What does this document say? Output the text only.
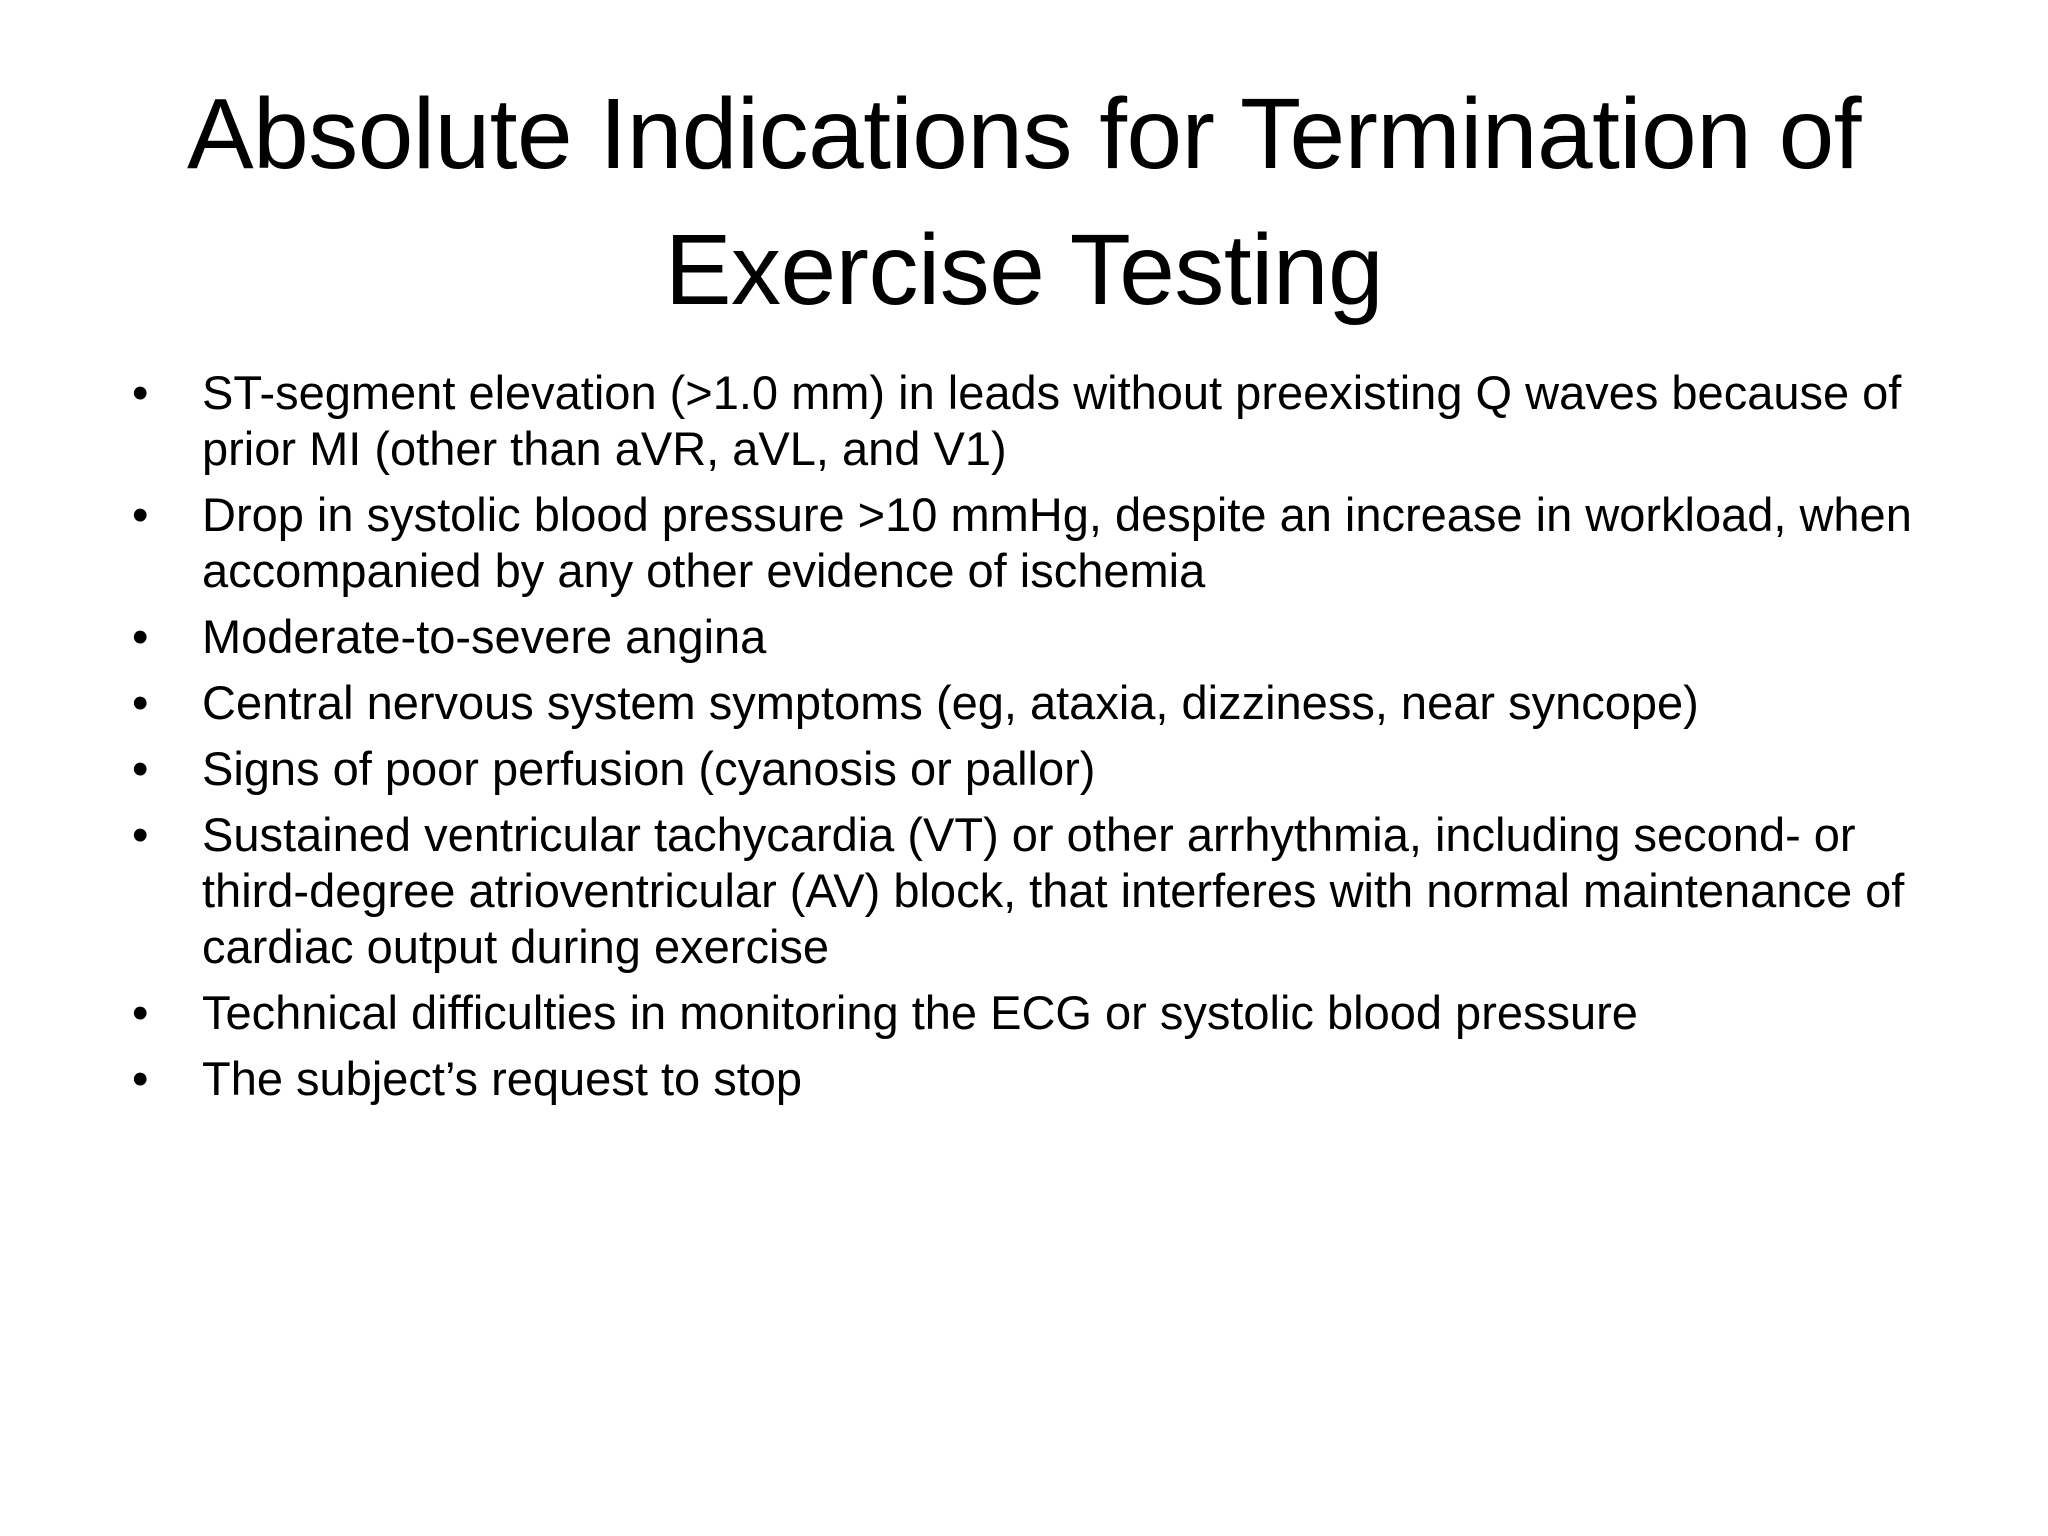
Absolute Indications for Termination of Exercise Testing
• ST-segment elevation (>1.0 mm) in leads without preexisting Q waves because of prior MI (other than aVR, aVL, and V1)
• Drop in systolic blood pressure >10 mmHg, despite an increase in workload, when accompanied by any other evidence of ischemia
• Moderate-to-severe angina
• Central nervous system symptoms (eg, ataxia, dizziness, near syncope)
• Signs of poor perfusion (cyanosis or pallor)
• Sustained ventricular tachycardia (VT) or other arrhythmia, including second- or third-degree atrioventricular (AV) block, that interferes with normal maintenance of cardiac output during exercise
• Technical difficulties in monitoring the ECG or systolic blood pressure
• The subject’s request to stop
